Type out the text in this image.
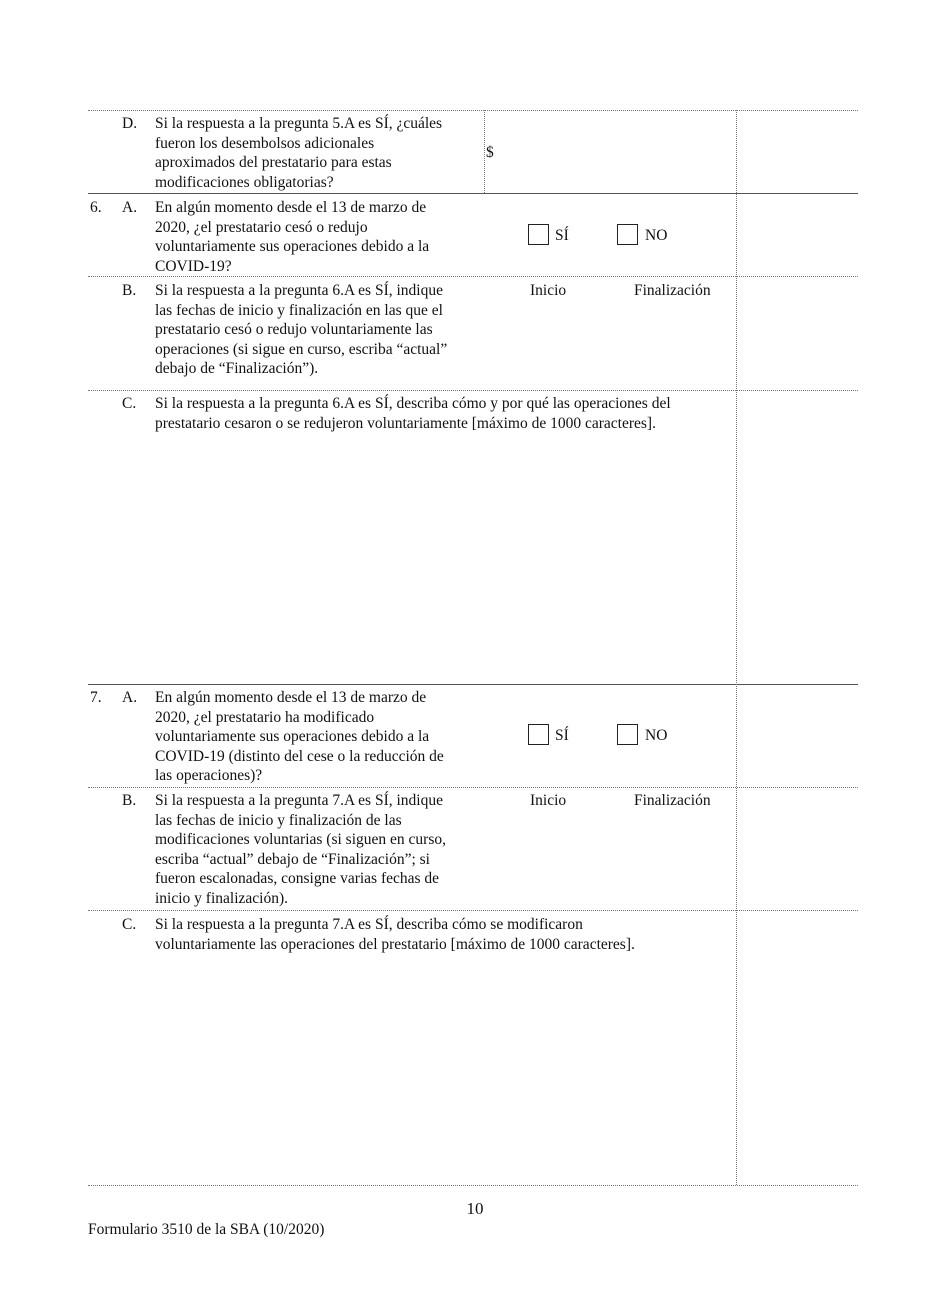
D. Si la respuesta a la pregunta 5.A es SÍ, ¿cuáles
fueron los desembolsos adicionales
aproximados del prestatario para estas
modificaciones obligatorias?
$
6. A. En algún momento desde el 13 de marzo de
2020, ¿el prestatario cesó o redujo
voluntariamente sus operaciones debido a la
COVID-19?
SÍ	NO
B. Si la respuesta a la pregunta 6.A es SÍ, indique
las fechas de inicio y finalización en las que el
prestatario cesó o redujo voluntariamente las
operaciones (si sigue en curso, escriba “actual”
debajo de “Finalización”).
Inicio	Finalización
C. Si la respuesta a la pregunta 6.A es SÍ, describa cómo y por qué las operaciones del
prestatario cesaron o se redujeron voluntariamente [máximo de 1000 caracteres].
7. A. En algún momento desde el 13 de marzo de
2020, ¿el prestatario ha modificado
voluntariamente sus operaciones debido a la
COVID-19 (distinto del cese o la reducción de
las operaciones)?
SÍ	NO
B. Si la respuesta a la pregunta 7.A es SÍ, indique
las fechas de inicio y finalización de las
modificaciones voluntarias (si siguen en curso,
escriba “actual” debajo de “Finalización”; si
fueron escalonadas, consigne varias fechas de
inicio y finalización).
Inicio	Finalización
C. Si la respuesta a la pregunta 7.A es SÍ, describa cómo se modificaron
voluntariamente las operaciones del prestatario [máximo de 1000 caracteres].
10
Formulario 3510 de la SBA (10/2020)
